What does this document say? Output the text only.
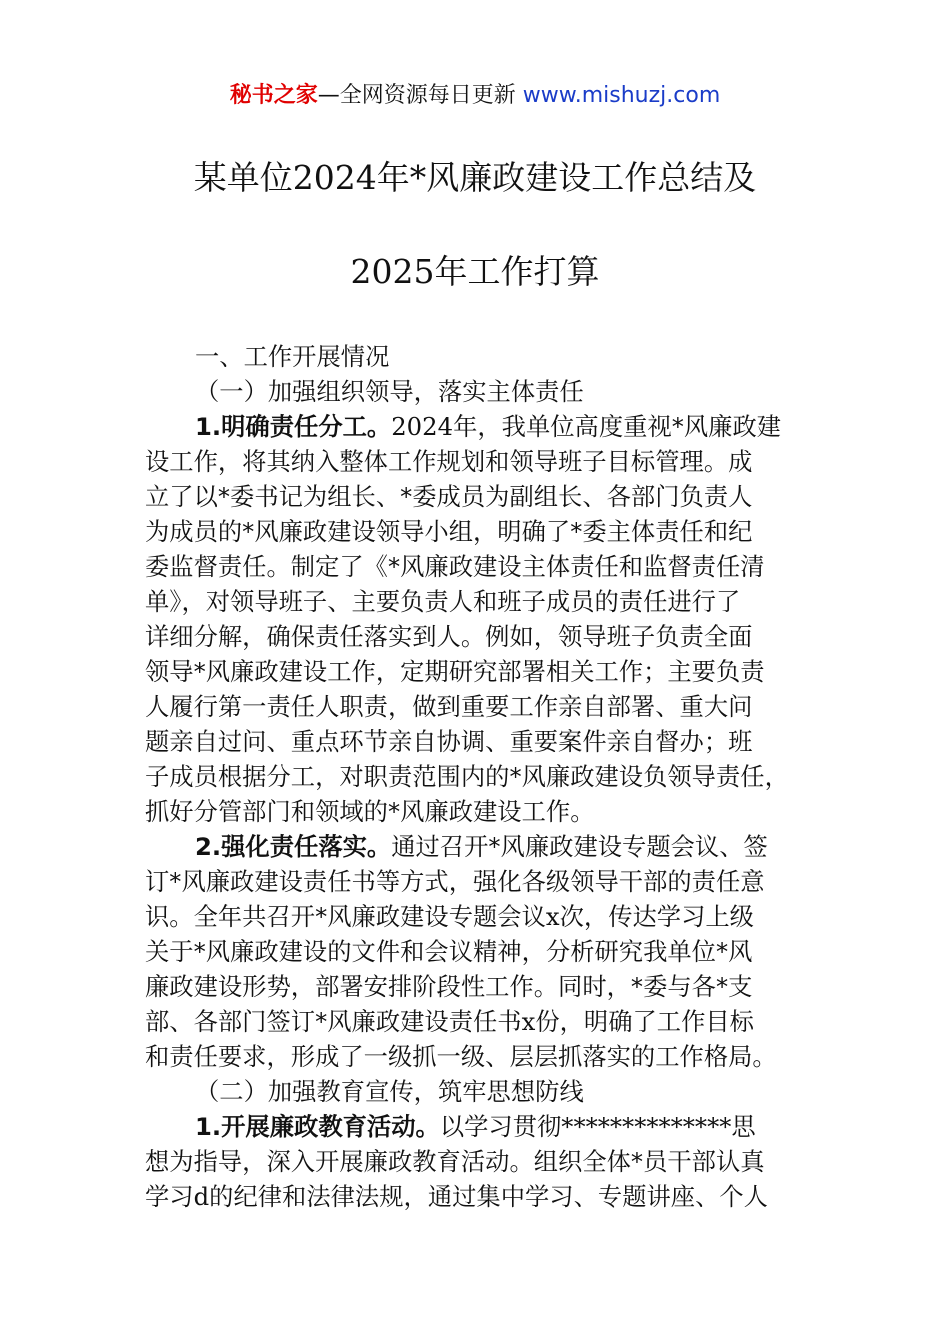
秘书之家—全网资源每日更新 www.mishuzj.com
某单位2024年*风廉政建设工作总结及
2025年工作打算
一、工作开展情况
（一）加强组织领导，落实主体责任
1.明确责任分工。2024年，我单位高度重视*风廉政建
设工作，将其纳入整体工作规划和领导班子目标管理。成
立了以*委书记为组长、*委成员为副组长、各部门负责人
为成员的*风廉政建设领导小组，明确了*委主体责任和纪
委监督责任。制定了《*风廉政建设主体责任和监督责任清
单》，对领导班子、主要负责人和班子成员的责任进行了
详细分解，确保责任落实到人。例如，领导班子负责全面
领导*风廉政建设工作，定期研究部署相关工作；主要负责
人履行第一责任人职责，做到重要工作亲自部署、重大问
题亲自过问、重点环节亲自协调、重要案件亲自督办；班
子成员根据分工，对职责范围内的*风廉政建设负领导责任，
抓好分管部门和领域的*风廉政建设工作。
2.强化责任落实。通过召开*风廉政建设专题会议、签
订*风廉政建设责任书等方式，强化各级领导干部的责任意
识。全年共召开*风廉政建设专题会议x次，传达学习上级
关于*风廉政建设的文件和会议精神，分析研究我单位*风
廉政建设形势，部署安排阶段性工作。同时，*委与各*支
部、各部门签订*风廉政建设责任书x份，明确了工作目标
和责任要求，形成了一级抓一级、层层抓落实的工作格局。
（二）加强教育宣传，筑牢思想防线
1.开展廉政教育活动。以学习贯彻**************思
想为指导，深入开展廉政教育活动。组织全体*员干部认真
学习d的纪律和法律法规，通过集中学习、专题讲座、个人
